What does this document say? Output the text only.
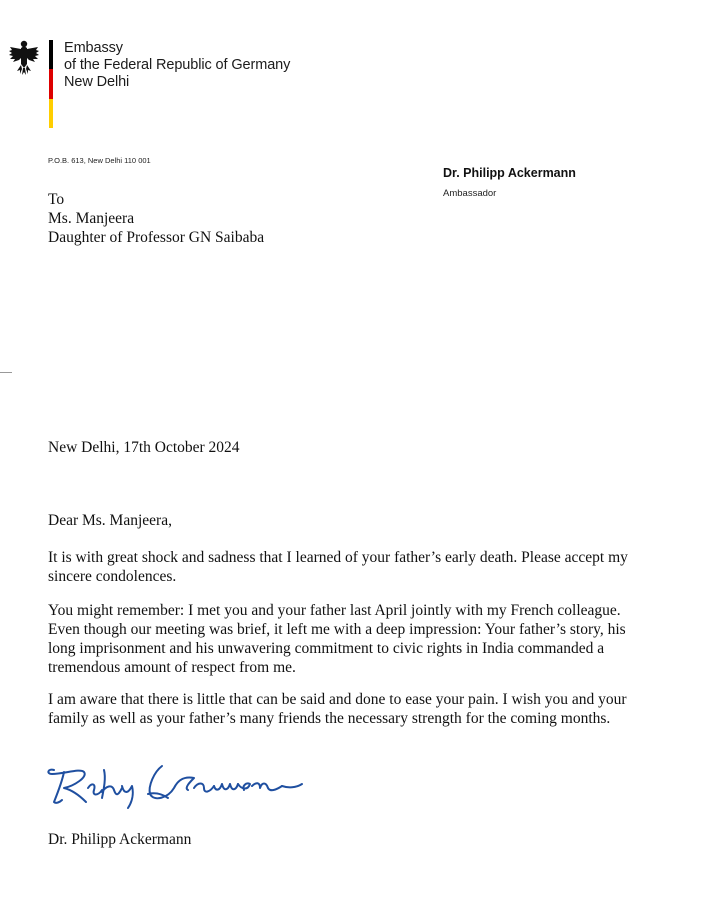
Embassy
of the Federal Republic of Germany
New Delhi
P.O.B. 613, New Delhi 110 001
Dr. Philipp Ackermann
Ambassador
To
Ms. Manjeera
Daughter of Professor GN Saibaba
New Delhi, 17th October 2024
Dear Ms. Manjeera,
It is with great shock and sadness that I learned of your father’s early death. Please accept my
sincere condolences.
You might remember: I met you and your father last April jointly with my French colleague.
Even though our meeting was brief, it left me with a deep impression: Your father’s story, his
long imprisonment and his unwavering commitment to civic rights in India commanded a
tremendous amount of respect from me.
I am aware that there is little that can be said and done to ease your pain. I wish you and your
family as well as your father’s many friends the necessary strength for the coming months.
Dr. Philipp Ackermann
